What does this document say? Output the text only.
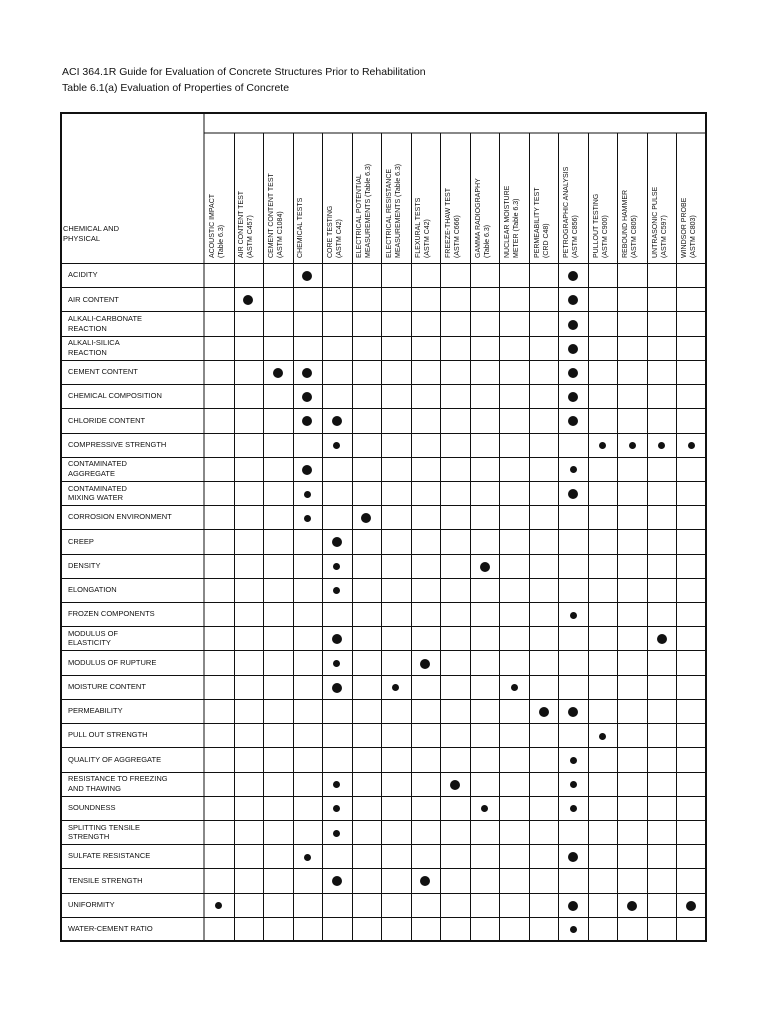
ACI 364.1R Guide for Evaluation of Concrete Structures Prior to Rehabilitation
Table 6.1(a) Evaluation of Properties of Concrete
CHEMICAL AND
PHYSICAL	ACOUSTIC IMPACT (Table 6.3) AIR CONTENT TEST (ASTM C457) CEMENT CONTENT TEST (ASTM C1084) CHEMICAL TESTS	CORE TESTING (ASTM C42) ELECTRICAL POTENTIAL MEASUREMENTS (Table 6.3) ELECTRICAL RESISTANCE MEASUREMENTS (Table 6.3) FLEXURAL TESTS (ASTM C42) FREEZE-THAW TEST (ASTM C666) GAMMA RADIOGRAPHY (Table 6.3) NUCLEAR MOISTURE METER (Table 6.3) PERMEABILITY TEST (CRD C48) PETROGRAPHIC ANALYSIS (ASTM C856) PULLOUT TESTING (ASTM C900) REBOUND HAMMER (ASTM C805) UNTRASONIC PULSE (ASTM C597) WINDSOR PROBE (ASTM C803)
ACIDITY
AIR CONTENT
ALKALI-CARBONATE
REACTION
ALKALI-SILICA
REACTION
CEMENT CONTENT
CHEMICAL COMPOSITION
CHLORIDE CONTENT
COMPRESSIVE STRENGTH
CONTAMINATED
AGGREGATE
CONTAMINATED
MIXING WATER
CORROSION ENVIRONMENT
CREEP
DENSITY
ELONGATION
FROZEN COMPONENTS
MODULUS OF
ELASTICITY
MODULUS OF RUPTURE
MOISTURE CONTENT
PERMEABILITY
PULL OUT STRENGTH
QUALITY OF AGGREGATE
RESISTANCE TO FREEZING
AND THAWING
SOUNDNESS
SPLITTING TENSILE
STRENGTH
SULFATE RESISTANCE
TENSILE STRENGTH
UNIFORMITY
WATER-CEMENT RATIO
